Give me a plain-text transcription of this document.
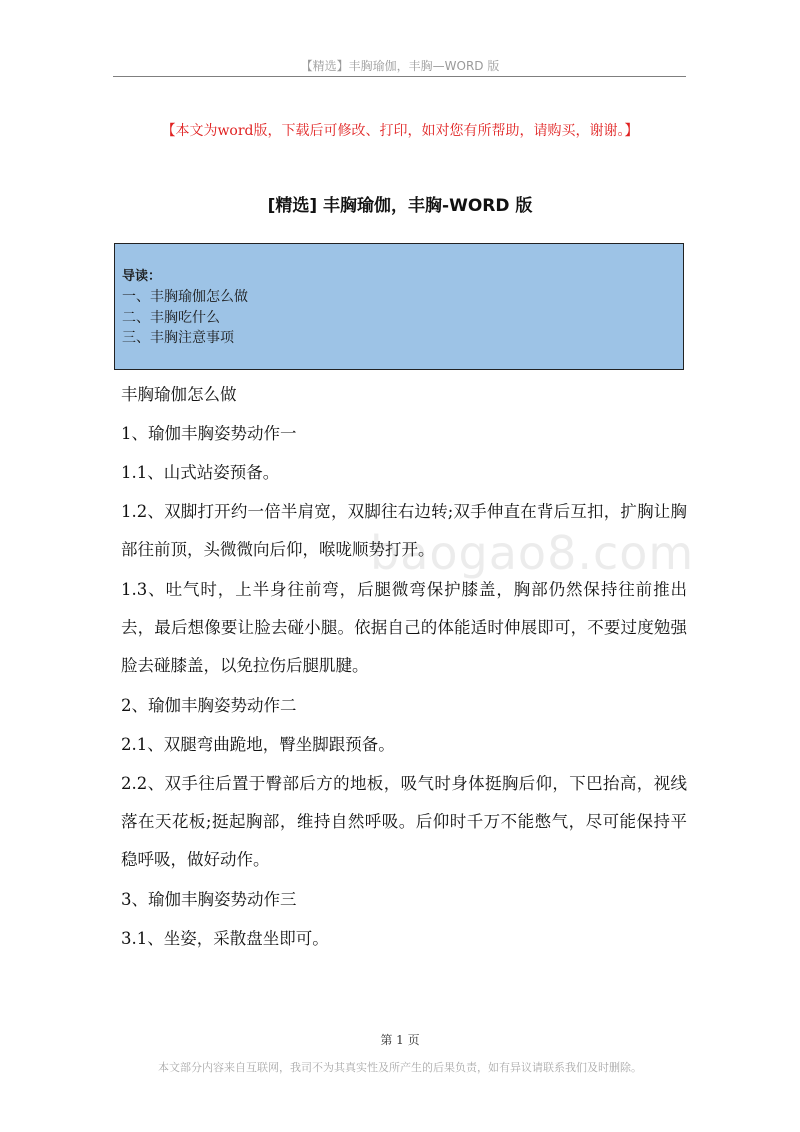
【精选】丰胸瑜伽，丰胸—WORD 版
【本文为word版，下载后可修改、打印，如对您有所帮助，请购买，谢谢。】
[精选] 丰胸瑜伽，丰胸-WORD 版
导读：
一、丰胸瑜伽怎么做
二、丰胸吃什么
三、丰胸注意事项
baogao8.com

丰胸瑜伽怎么做

1、瑜伽丰胸姿势动作一

1.1、山式站姿预备。

1.2、双脚打开约一倍半肩宽，双脚往右边转;双手伸直在背后互扣，扩胸让胸部往前顶，头微微向后仰，喉咙顺势打开。

1.3、吐气时，上半身往前弯，后腿微弯保护膝盖，胸部仍然保持往前推出去，最后想像要让脸去碰小腿。依据自己的体能适时伸展即可，不要过度勉强脸去碰膝盖，以免拉伤后腿肌腱。

2、瑜伽丰胸姿势动作二

2.1、双腿弯曲跪地，臀坐脚跟预备。

2.2、双手往后置于臀部后方的地板，吸气时身体挺胸后仰，下巴抬高，视线落在天花板;挺起胸部，维持自然呼吸。后仰时千万不能憋气，尽可能保持平稳呼吸，做好动作。

3、瑜伽丰胸姿势动作三

3.1、坐姿，采散盘坐即可。

第 1 页
本文部分内容来自互联网，我司不为其真实性及所产生的后果负责，如有异议请联系我们及时删除。
